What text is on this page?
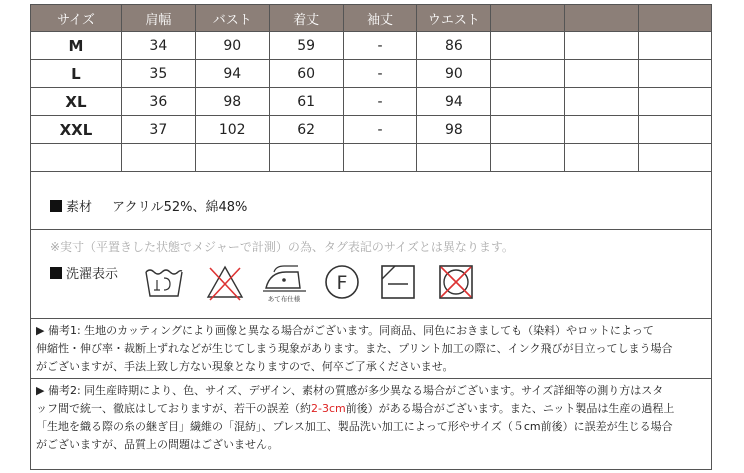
サイズ	肩幅	バスト	着丈	袖丈	ウエスト			
M	34	90	59	-	86			
L	35	94	60	-	90			
XL	36	98	61	-	94			
XXL	37	102	62	-	98			

素材 アクリル52%、綿48%
※実寸（平置きした状態でメジャーで計測）の為、タグ表記のサイズとは異なります。
洗濯表示
あて布仕様
F
▶ 備考1: 生地のカッティングにより画像と異なる場合がございます。同商品、同色におきましても（染料）やロットによって
伸縮性・伸び率・裁断上ずれなどが生じてしまう現象があります。また、プリント加工の際に、インク飛びが目立ってしまう場合
がございますが、手法上致し方ない現象となりますので、何卒ご了承くださいませ。
▶ 備考2: 同生産時期により、色、サイズ、デザイン、素材の質感が多少異なる場合がございます。サイズ詳細等の測り方はスタ
ッフ間で統一、徹底はしておりますが、若干の誤差（約2-3cm前後）がある場合がございます。また、ニット製品は生産の過程上
「生地を織る際の糸の継ぎ目」繊維の「混紡」、プレス加工、製品洗い加工によって形やサイズ（５cm前後）に誤差が生じる場合
がございますが、品質上の問題はございません。
